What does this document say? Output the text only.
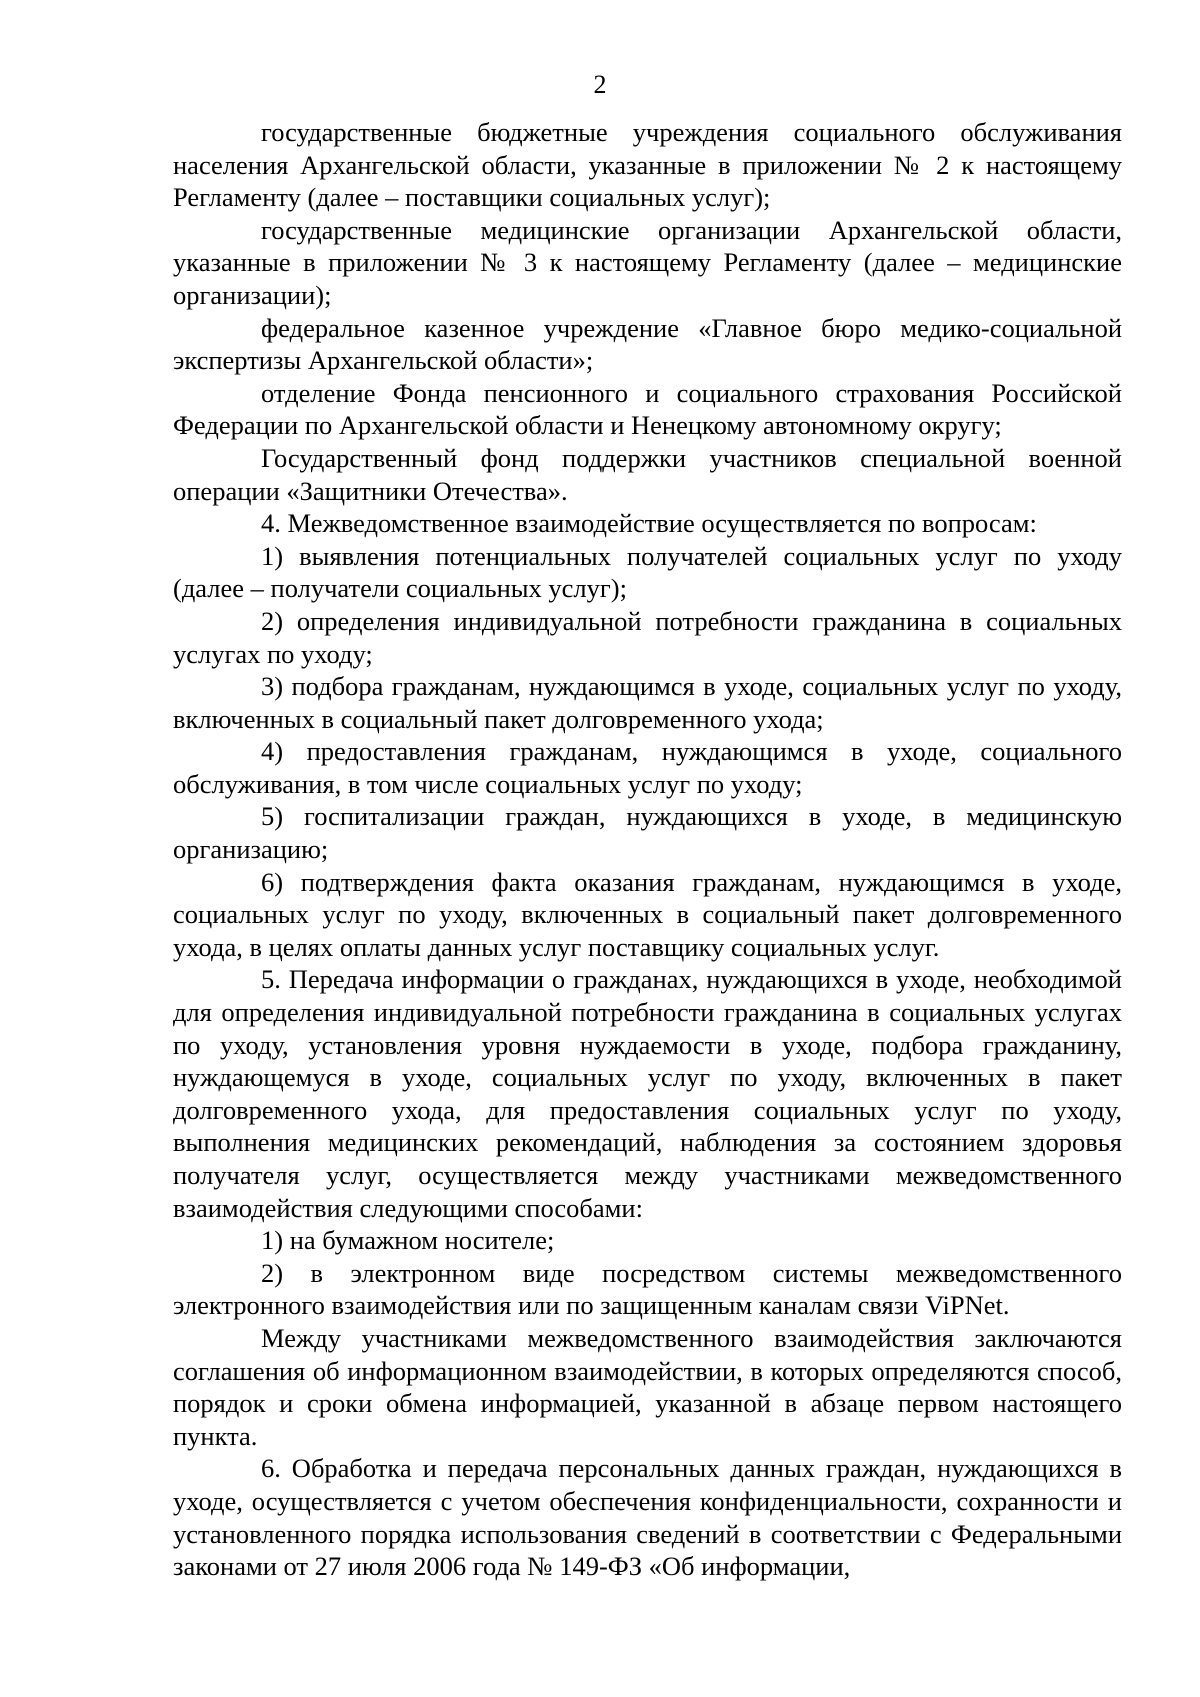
2

государственные бюджетные учреждения социального обслуживания населения Архангельской области, указанные в приложении № 2 к настоящему Регламенту (далее – поставщики социальных услуг);

государственные медицинские организации Архангельской области, указанные в приложении № 3 к настоящему Регламенту (далее – медицинские организации);

федеральное казенное учреждение «Главное бюро медико-социальной экспертизы Архангельской области»;

отделение Фонда пенсионного и социального страхования Российской Федерации по Архангельской области и Ненецкому автономному округу;

Государственный фонд поддержки участников специальной военной операции «Защитники Отечества».

4. Межведомственное взаимодействие осуществляется по вопросам:

1) выявления потенциальных получателей социальных услуг по уходу (далее – получатели социальных услуг);

2) определения индивидуальной потребности гражданина в социальных услугах по уходу;

3) подбора гражданам, нуждающимся в уходе, социальных услуг по уходу, включенных в социальный пакет долговременного ухода;

4) предоставления гражданам, нуждающимся в уходе, социального обслуживания, в том числе социальных услуг по уходу;

5) госпитализации граждан, нуждающихся в уходе, в медицинскую организацию;

6) подтверждения факта оказания гражданам, нуждающимся в уходе, социальных услуг по уходу, включенных в социальный пакет долговременного ухода, в целях оплаты данных услуг поставщику социальных услуг.

5. Передача информации о гражданах, нуждающихся в уходе, необходимой для определения индивидуальной потребности гражданина в социальных услугах по уходу, установления уровня нуждаемости в уходе, подбора гражданину, нуждающемуся в уходе, социальных услуг по уходу, включенных в пакет долговременного ухода, для предоставления социальных услуг по уходу, выполнения медицинских рекомендаций, наблюдения за состоянием здоровья получателя услуг, осуществляется между участниками межведомственного взаимодействия следующими способами:

1) на бумажном носителе;

2) в электронном виде посредством системы межведомственного электронного взаимодействия или по защищенным каналам связи ViPNet.

Между участниками межведомственного взаимодействия заключаются соглашения об информационном взаимодействии, в которых определяются способ, порядок и сроки обмена информацией, указанной в абзаце первом настоящего пункта.

6. Обработка и передача персональных данных граждан, нуждающихся в уходе, осуществляется с учетом обеспечения конфиденциальности, сохранности и установленного порядка использования сведений в соответствии с Федеральными законами от 27 июля 2006 года № 149-ФЗ «Об информации,
